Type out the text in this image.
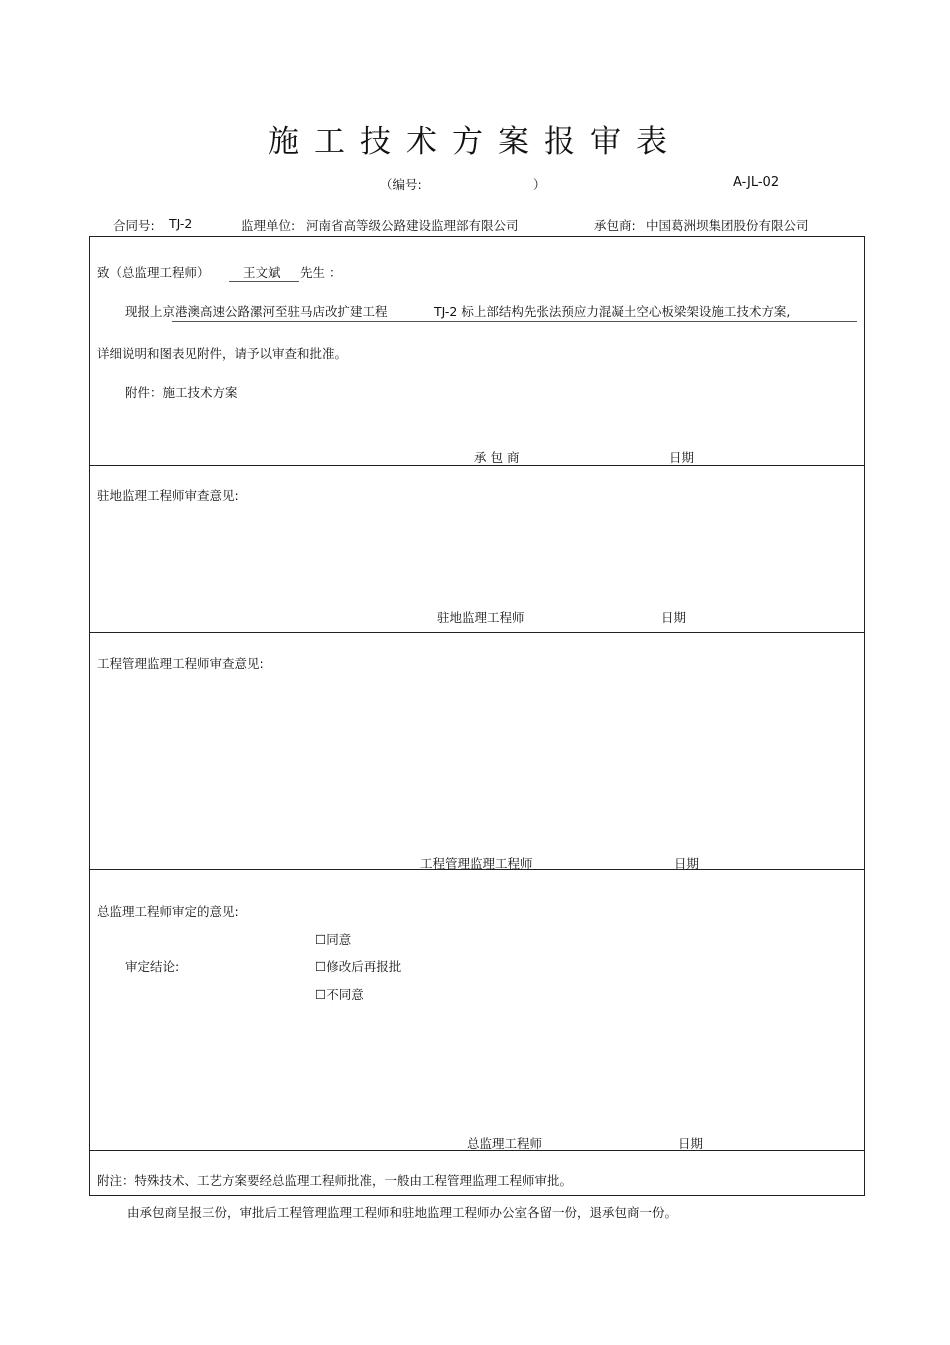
施工技术方案报审表
（编号:	）	A-JL-02
合同号: TJ-2	监理单位: 河南省高等级公路建设监理部有限公司	承包商: 中国葛洲坝集团股份有限公司
致（总监理工程师）	王文斌 先生 ：
现报上京港澳高速公路漯河至驻马店改扩建工程	TJ-2 标上部结构先张法预应力混凝土空心板梁架设施工技术方案,
详细说明和图表见附件，请予以审查和批准。
附件：施工技术方案
承 包 商	日期
驻地监理工程师审查意见:
驻地监理工程师	日期
工程管理监理工程师审查意见:
工程管理监理工程师	日期
总监理工程师审定的意见:
审定结论:
☐同意
☐修改后再报批
☐不同意
总监理工程师	日期
附注：特殊技术、工艺方案要经总监理工程师批准，一般由工程管理监理工程师审批。
由承包商呈报三份，审批后工程管理监理工程师和驻地监理工程师办公室各留一份，退承包商一份。
